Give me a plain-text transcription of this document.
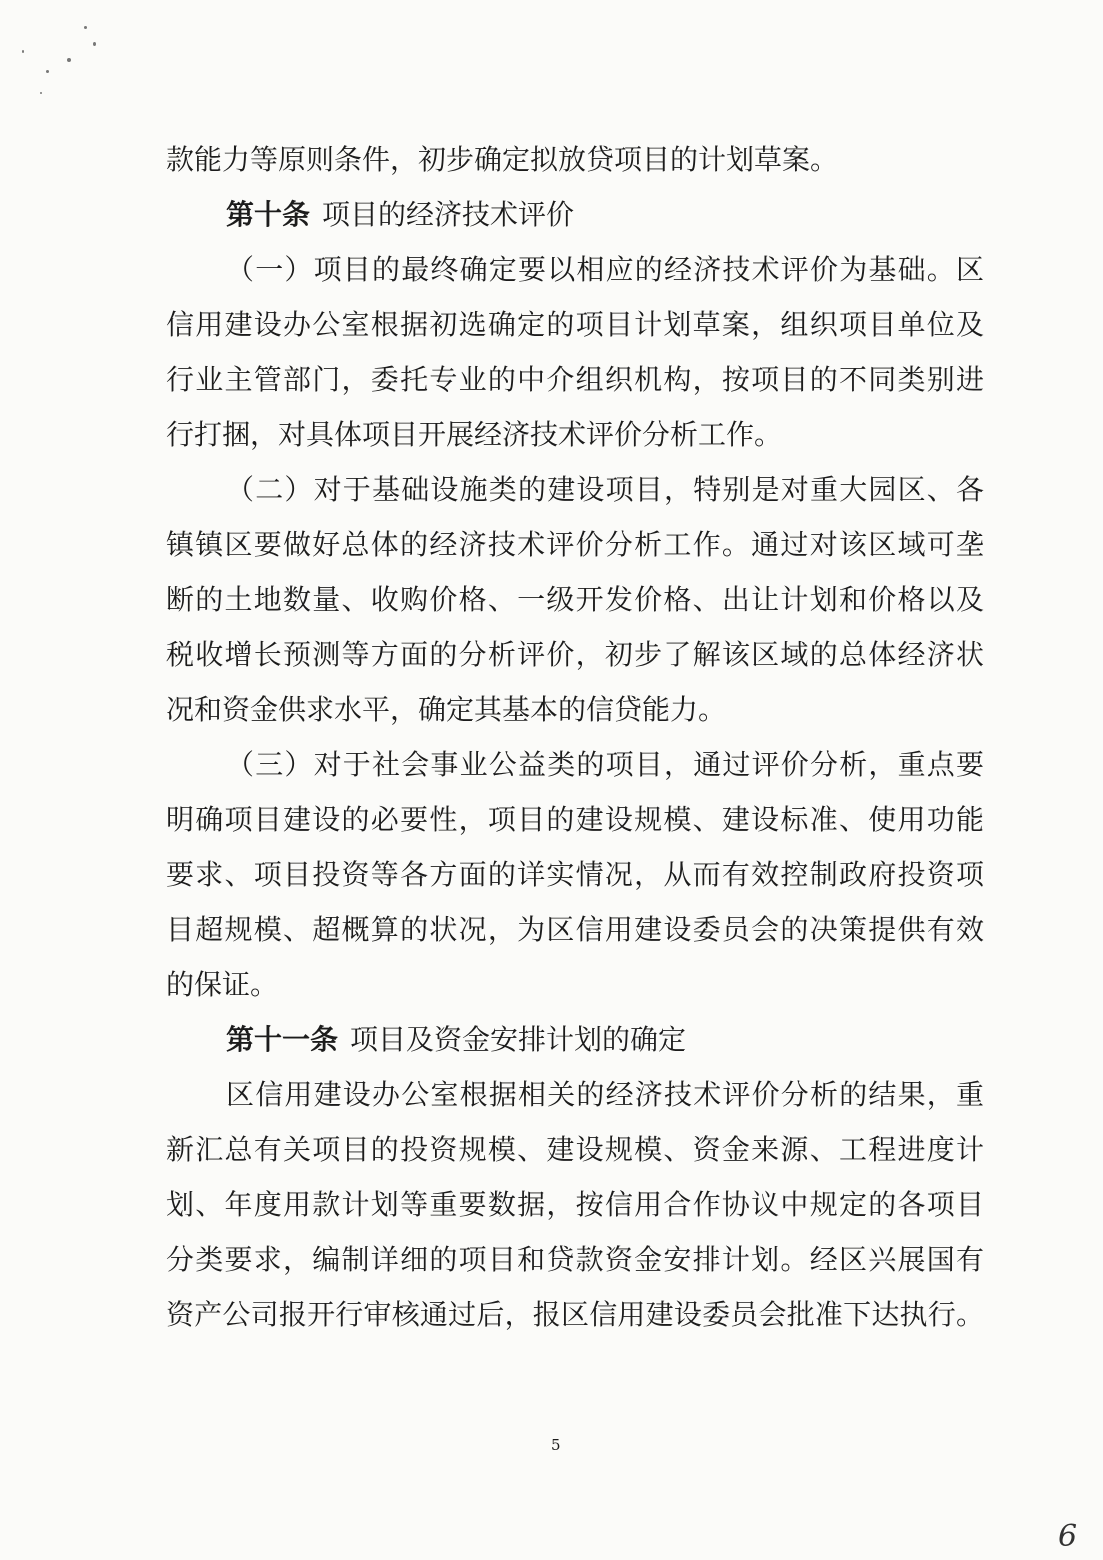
款能力等原则条件，初步确定拟放贷项目的计划草案。
第十条 项目的经济技术评价
（一）项目的最终确定要以相应的经济技术评价为基础。区
信用建设办公室根据初选确定的项目计划草案，组织项目单位及
行业主管部门，委托专业的中介组织机构，按项目的不同类别进
行打捆，对具体项目开展经济技术评价分析工作。
（二）对于基础设施类的建设项目，特别是对重大园区、各
镇镇区要做好总体的经济技术评价分析工作。通过对该区域可垄
断的土地数量、收购价格、一级开发价格、出让计划和价格以及
税收增长预测等方面的分析评价，初步了解该区域的总体经济状
况和资金供求水平，确定其基本的信贷能力。
（三）对于社会事业公益类的项目，通过评价分析，重点要
明确项目建设的必要性，项目的建设规模、建设标准、使用功能
要求、项目投资等各方面的详实情况，从而有效控制政府投资项
目超规模、超概算的状况，为区信用建设委员会的决策提供有效
的保证。
第十一条 项目及资金安排计划的确定
区信用建设办公室根据相关的经济技术评价分析的结果，重
新汇总有关项目的投资规模、建设规模、资金来源、工程进度计
划、年度用款计划等重要数据，按信用合作协议中规定的各项目
分类要求，编制详细的项目和贷款资金安排计划。经区兴展国有
资产公司报开行审核通过后，报区信用建设委员会批准下达执行。
5
6
